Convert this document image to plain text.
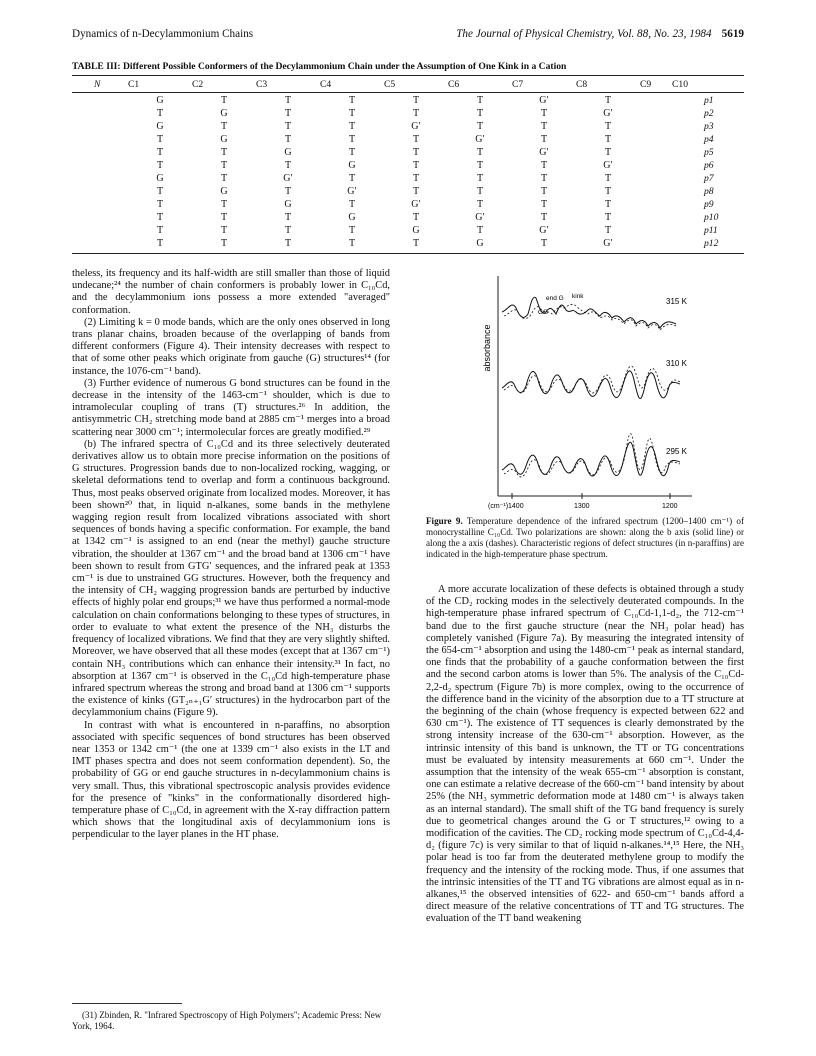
Dynamics of n-Decylammonium Chains	The Journal of Physical Chemistry, Vol. 88, No. 23, 1984 5619
TABLE III: Different Possible Conformers of the Decylammonium Chain under the Assumption of One Kink in a Cation
N	C1	C2	C3	C4	C5	C6	C7	C8	C9 C10
G	T	T	T	T	T	G′	T	p1
T	G	T	T	T	T	T	G′	p2
G	T	T	T	G′	T	T	T	p3
T	G	T	T	T	G′	T	T	p4
T	T	G	T	T	T	G′	T	p5
T	T	T	G	T	T	T	G′	p6
G	T	G′	T	T	T	T	T	p7
T	G	T	G′	T	T	T	T	p8
T	T	G	T	G′	T	T	T	p9
T	T	T	G	T	G′	T	T	p10
T	T	T	T	G	T	G′	T	p11
T	T	T	T	T	G	T	G′	p12

theless, its frequency and its half-width are still smaller than those of liquid undecane;²⁴ the number of chain conformers is probably lower in C₁₀Cd, and the decylammonium ions possess a more extended "averaged" conformation.

(2) Limiting k = 0 mode bands, which are the only ones observed in long trans planar chains, broaden because of the overlapping of bands from different conformers (Figure 4). Their intensity decreases with respect to that of some other peaks which originate from gauche (G) structures¹⁴ (for instance, the 1076-cm⁻¹ band).

(3) Further evidence of numerous G bond structures can be found in the decrease in the intensity of the 1463-cm⁻¹ shoulder, which is due to intramolecular coupling of trans (T) structures.²⁶ In addition, the antisymmetric CH₂ stretching mode band at 2885 cm⁻¹ merges into a broad scattering near 3000 cm⁻¹; intermolecular forces are greatly modified.²⁹

(b) The infrared spectra of C₁₀Cd and its three selectively deuterated derivatives allow us to obtain more precise information on the positions of G structures. Progression bands due to non-localized rocking, wagging, or skeletal deformations tend to overlap and form a continuous background. Thus, most peaks observed originate from localized modes. Moreover, it has been shown²⁰ that, in liquid n-alkanes, some bands in the methylene wagging region result from localized vibrations associated with short sequences of bonds having a specific conformation. For example, the band at 1342 cm⁻¹ is assigned to an end (near the methyl) gauche structure vibration, the shoulder at 1367 cm⁻¹ and the broad band at 1306 cm⁻¹ have been shown to result from GTG′ sequences, and the infrared peak at 1353 cm⁻¹ is due to unstrained GG structures. However, both the frequency and the intensity of CH₂ wagging progression bands are perturbed by inductive effects of highly polar end groups;³¹ we have thus performed a normal-mode calculation on chain conformations belonging to these types of structures, in order to evaluate to what extent the presence of the NH₃ disturbs the frequency of localized vibrations. We find that they are very slightly shifted. Moreover, we have observed that all these modes (except that at 1367 cm⁻¹) contain NH₃ contributions which can enhance their intensity.³¹ In fact, no absorption at 1367 cm⁻¹ is observed in the C₁₀Cd high-temperature phase infrared spectrum whereas the strong and broad band at 1306 cm⁻¹ supports the existence of kinks (GT₂ₙ₊₁G′ structures) in the hydrocarbon part of the decylammonium chains (Figure 9).

In contrast with what is encountered in n-paraffins, no absorption associated with specific sequences of bond structures has been observed near 1353 or 1342 cm⁻¹ (the one at 1339 cm⁻¹ also exists in the LT and IMT phases spectra and does not seem conformation dependent). So, the probability of GG or end gauche structures in n-decylammonium chains is very small. Thus, this vibrational spectroscopic analysis provides evidence for the presence of "kinks" in the conformationally disordered high-temperature phase of C₁₀Cd, in agreement with the X-ray diffraction pattern which shows that the longitudinal axis of decylammonium ions is perpendicular to the layer planes in the HT phase.

(31) Zbinden, R. "Infrared Spectroscopy of High Polymers"; Academic Press: New York, 1964.
absorbance
315 K
310 K
295 K
end G kink
GG
(cm⁻¹)1400	1300	1200
Figure 9. Temperature dependence of the infrared spectrum (1200–1400 cm⁻¹) of monocrystalline C₁₀Cd. Two polarizations are shown: along the b axis (solid line) or along the a axis (dashes). Characteristic regions of defect structures (in n-paraffins) are indicated in the high-temperature phase spectrum.

A more accurate localization of these defects is obtained through a study of the CD₂ rocking modes in the selectively deuterated compounds. In the high-temperature phase infrared spectrum of C₁₀Cd-1,1-d₂, the 712-cm⁻¹ band due to the first gauche structure (near the NH₃ polar head) has completely vanished (Figure 7a). By measuring the integrated intensity of the 654-cm⁻¹ absorption and using the 1480-cm⁻¹ peak as internal standard, one finds that the probability of a gauche conformation between the first and the second carbon atoms is lower than 5%. The analysis of the C₁₀Cd-2,2-d₂ spectrum (Figure 7b) is more complex, owing to the occurrence of the difference band in the vicinity of the absorption due to a TT structure at the beginning of the chain (whose frequency is expected between 622 and 630 cm⁻¹). The existence of TT sequences is clearly demonstrated by the strong intensity increase of the 630-cm⁻¹ absorption. However, as the intrinsic intensity of this band is unknown, the TT or TG concentrations must be evaluated by intensity measurements at 660 cm⁻¹. Under the assumption that the intensity of the weak 655-cm⁻¹ absorption is constant, one can estimate a relative decrease of the 660-cm⁻¹ band intensity by about 25% (the NH₃ symmetric deformation mode at 1480 cm⁻¹ is always taken as an internal standard). The small shift of the TG band frequency is surely due to geometrical changes around the G or T structures,¹² owing to a modification of the cavities. The CD₂ rocking mode spectrum of C₁₀Cd-4,4-d₂ (figure 7c) is very similar to that of liquid n-alkanes.¹⁴,¹⁵ Here, the NH₃ polar head is too far from the deuterated methylene group to modify the frequency and the intensity of the rocking mode. Thus, if one assumes that the intrinsic intensities of the TT and TG vibrations are almost equal as in n-alkanes,¹⁵ the observed intensities of 622- and 650-cm⁻¹ bands afford a direct measure of the relative concentrations of TT and TG structures. The evaluation of the TT band weakening
